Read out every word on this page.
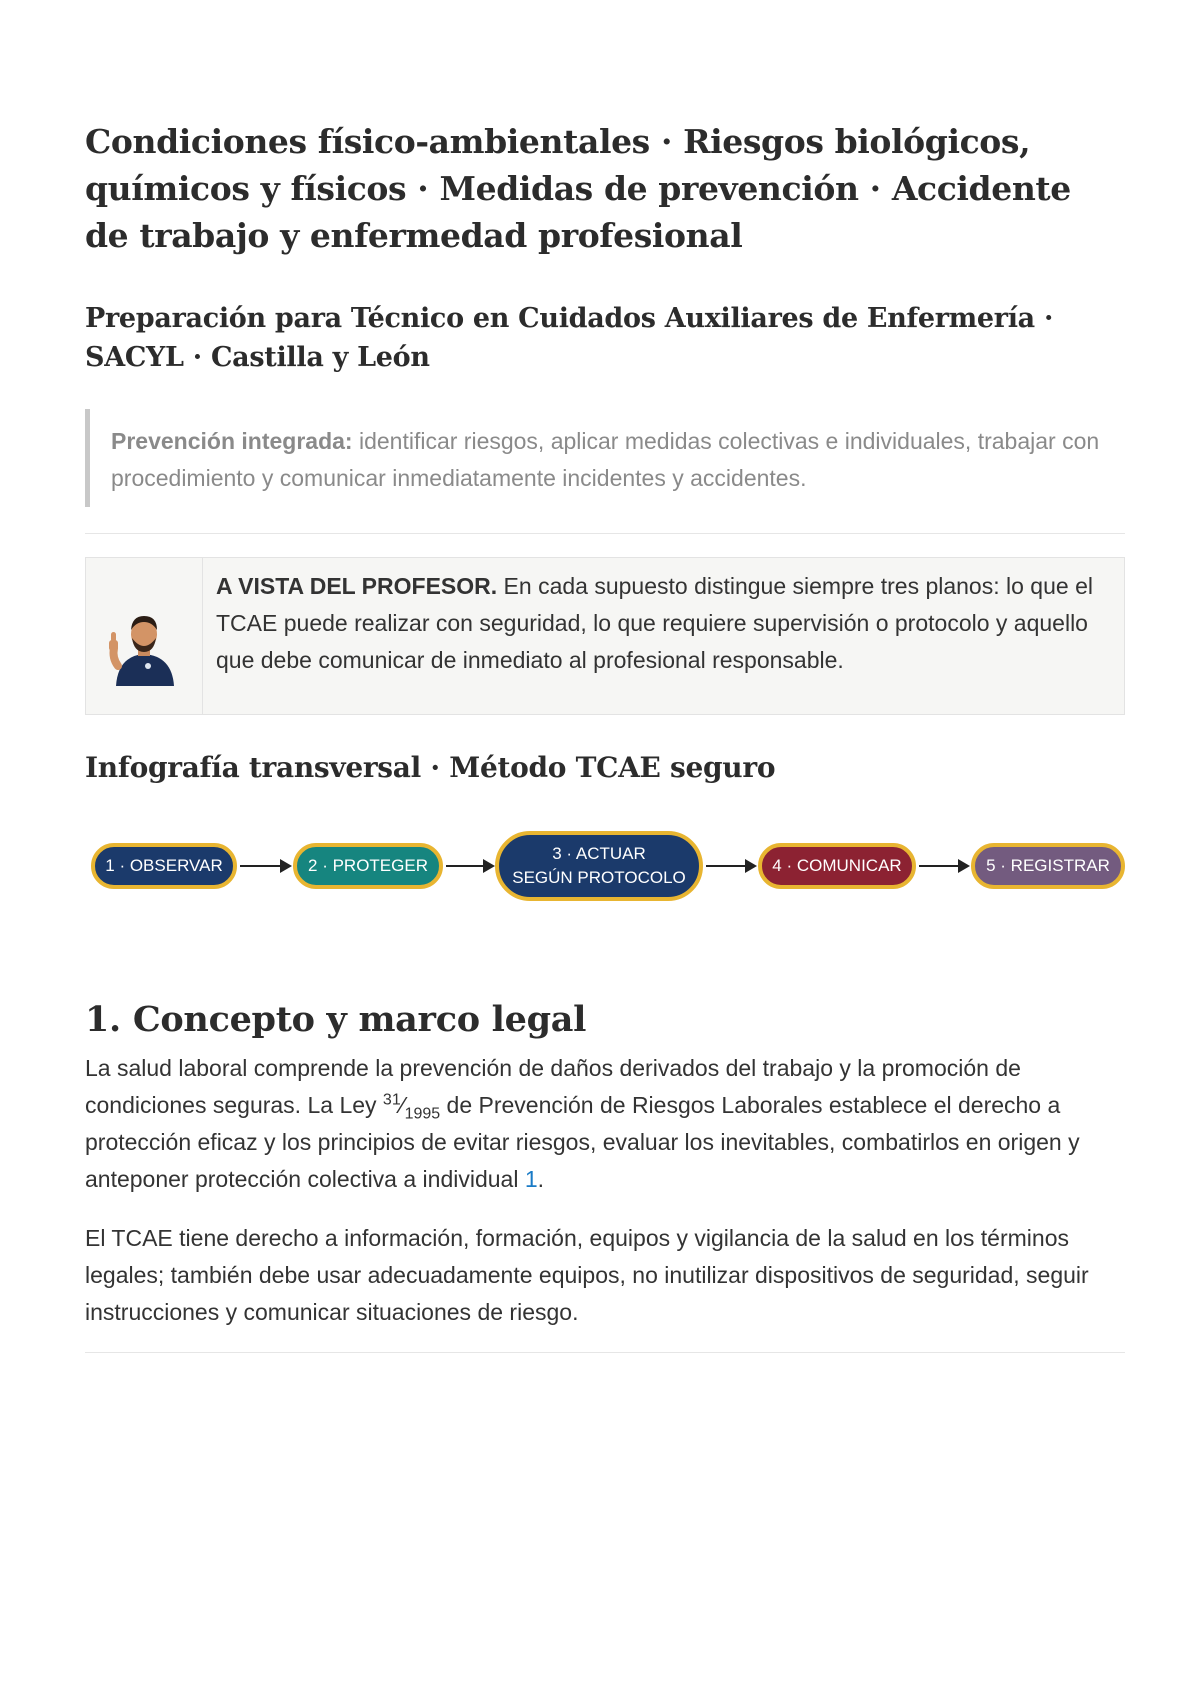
Condiciones físico-ambientales · Riesgos biológicos, químicos y físicos · Medidas de prevención · Accidente de trabajo y enfermedad profesional
Preparación para Técnico en Cuidados Auxiliares de Enfermería · SACYL · Castilla y León
Prevención integrada: identificar riesgos, aplicar medidas colectivas e individuales, trabajar con procedimiento y comunicar inmediatamente incidentes y accidentes.
A VISTA DEL PROFESOR. En cada supuesto distingue siempre tres planos: lo que el TCAE puede realizar con seguridad, lo que requiere supervisión o protocolo y aquello que debe comunicar de inmediato al profesional responsable.
Infografía transversal · Método TCAE seguro
1 · OBSERVAR	2 · PROTEGER
3 · ACTUAR
SEGÚN PROTOCOLO
4 · COMUNICAR	5 · REGISTRAR
1. Concepto y marco legal

La salud laboral comprende la prevención de daños derivados del trabajo y la promoción de condiciones seguras. La Ley $^{31}⁄_{1995}$ de Prevención de Riesgos Laborales establece el derecho a protección eficaz y los principios de evitar riesgos, evaluar los inevitables, combatirlos en origen y anteponer protección colectiva a individual 1.

El TCAE tiene derecho a información, formación, equipos y vigilancia de la salud en los términos legales; también debe usar adecuadamente equipos, no inutilizar dispositivos de seguridad, seguir instrucciones y comunicar situaciones de riesgo.
